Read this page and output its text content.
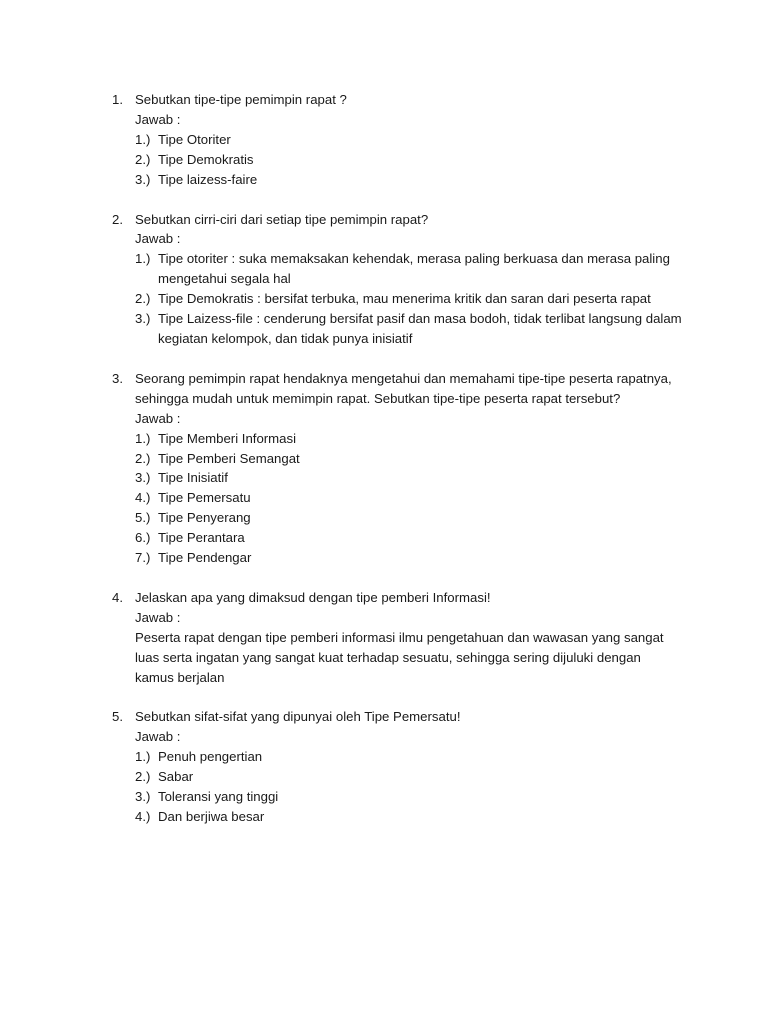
1. Sebutkan tipe-tipe pemimpin rapat ?
Jawab :
1.) Tipe Otoriter
2.) Tipe Demokratis
3.) Tipe laizess-faire
2. Sebutkan cirri-ciri dari setiap tipe pemimpin rapat?
Jawab :
1.) Tipe otoriter : suka memaksakan kehendak, merasa paling berkuasa dan merasa paling mengetahui segala hal
2.) Tipe Demokratis : bersifat terbuka, mau menerima kritik dan saran dari peserta rapat
3.) Tipe Laizess-file : cenderung bersifat pasif dan masa bodoh, tidak terlibat langsung dalam kegiatan kelompok, dan tidak punya inisiatif
3. Seorang pemimpin rapat hendaknya mengetahui dan memahami tipe-tipe peserta rapatnya, sehingga mudah untuk memimpin rapat. Sebutkan tipe-tipe peserta rapat tersebut?
Jawab :
1.) Tipe Memberi Informasi
2.) Tipe Pemberi Semangat
3.) Tipe Inisiatif
4.) Tipe Pemersatu
5.) Tipe Penyerang
6.) Tipe Perantara
7.) Tipe Pendengar
4. Jelaskan apa yang dimaksud dengan tipe pemberi Informasi!
Jawab :

Peserta rapat dengan tipe pemberi informasi ilmu pengetahuan dan wawasan yang sangat luas serta ingatan yang sangat kuat terhadap sesuatu, sehingga sering dijuluki dengan kamus berjalan

5. Sebutkan sifat-sifat yang dipunyai oleh Tipe Pemersatu!
Jawab :
1.) Penuh pengertian
2.) Sabar
3.) Toleransi yang tinggi
4.) Dan berjiwa besar
